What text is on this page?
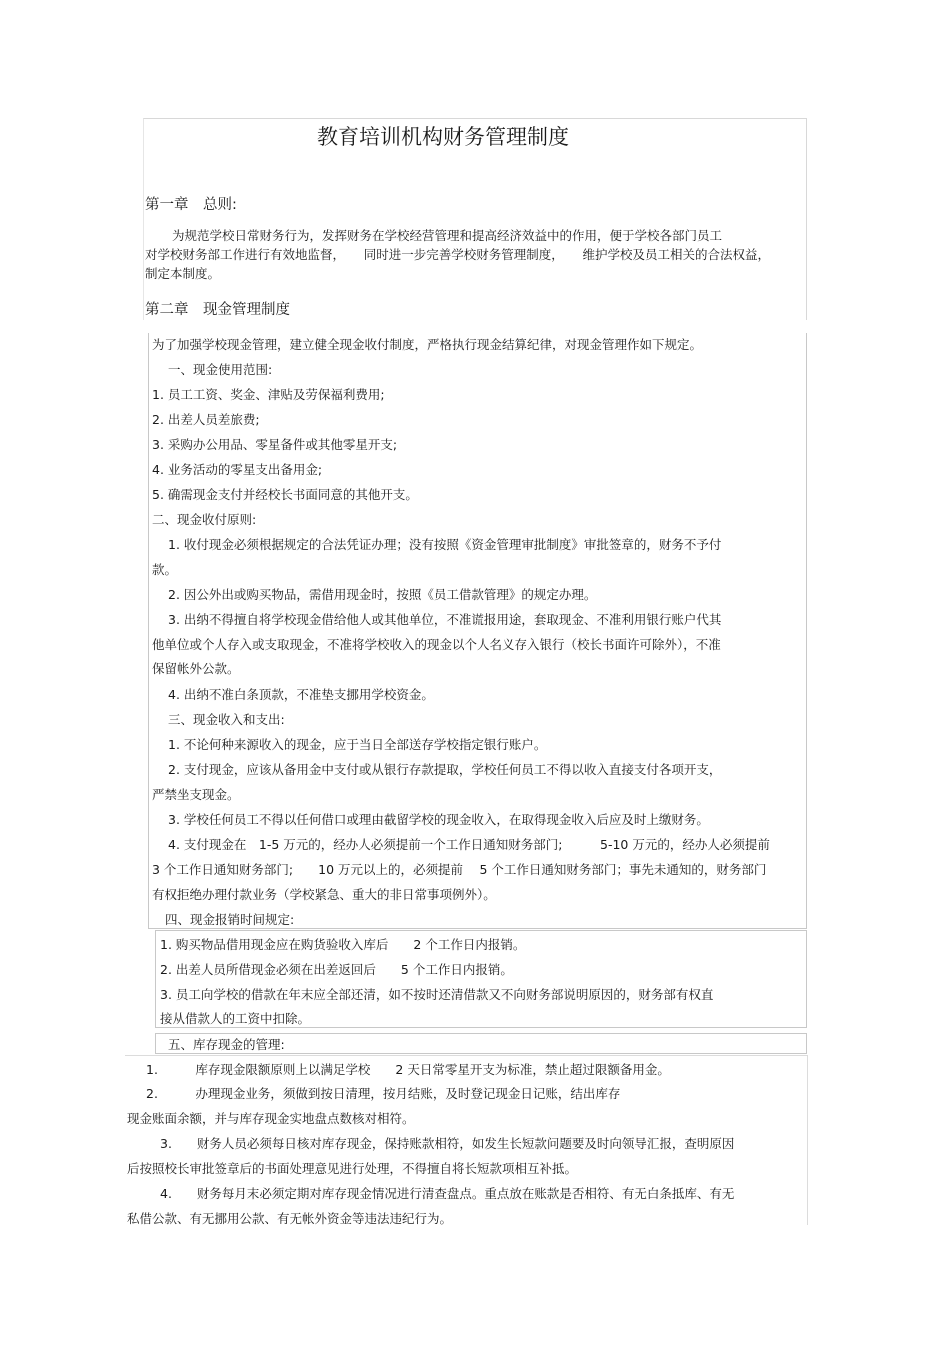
教育培训机构财务管理制度
第一章　总则:
为规范学校日常财务行为，发挥财务在学校经营管理和提高经济效益中的作用，便于学校各部门员工
对学校财务部工作进行有效地监督，　　同时进一步完善学校财务管理制度，　　维护学校及员工相关的合法权益，
制定本制度。
第二章　现金管理制度
为了加强学校现金管理，建立健全现金收付制度，严格执行现金结算纪律，对现金管理作如下规定。
一、现金使用范围:
1. 员工工资、奖金、津贴及劳保福利费用;
2. 出差人员差旅费;
3. 采购办公用品、零星备件或其他零星开支;
4. 业务活动的零星支出备用金;
5. 确需现金支付并经校长书面同意的其他开支。
二、现金收付原则:
1. 收付现金必须根据规定的合法凭证办理；没有按照《资金管理审批制度》审批签章的，财务不予付
款。
2. 因公外出或购买物品，需借用现金时，按照《员工借款管理》的规定办理。
3. 出纳不得擅自将学校现金借给他人或其他单位，不准谎报用途，套取现金、不准利用银行账户代其
他单位或个人存入或支取现金，不准将学校收入的现金以个人名义存入银行（校长书面许可除外），不准
保留帐外公款。
4. 出纳不准白条顶款，不准垫支挪用学校资金。
三、现金收入和支出:
1. 不论何种来源收入的现金，应于当日全部送存学校指定银行账户。
2. 支付现金，应该从备用金中支付或从银行存款提取，学校任何员工不得以收入直接支付各项开支，
严禁坐支现金。
3. 学校任何员工不得以任何借口或理由截留学校的现金收入，在取得现金收入后应及时上缴财务。
4. 支付现金在　1-5 万元的，经办人必须提前一个工作日通知财务部门;　　　5-10 万元的，经办人必须提前
3 个工作日通知财务部门;　　10 万元以上的，必须提前　 5 个工作日通知财务部门；事先未通知的，财务部门
有权拒绝办理付款业务（学校紧急、重大的非日常事项例外）。
四、现金报销时间规定:
1. 购买物品借用现金应在购货验收入库后　　2 个工作日内报销。
2. 出差人员所借现金必须在出差返回后　　5 个工作日内报销。
3. 员工向学校的借款在年末应全部还清，如不按时还清借款又不向财务部说明原因的，财务部有权直
接从借款人的工资中扣除。
五、库存现金的管理:
1.　　　库存现金限额原则上以满足学校　　2 天日常零星开支为标准，禁止超过限额备用金。
2.　　　办理现金业务，须做到按日清理，按月结账，及时登记现金日记账，结出库存
现金账面余额，并与库存现金实地盘点数核对相符。
3.　　财务人员必须每日核对库存现金，保持账款相符，如发生长短款问题要及时向领导汇报，查明原因
后按照校长审批签章后的书面处理意见进行处理，不得擅自将长短款项相互补抵。
4.　　财务每月末必须定期对库存现金情况进行清查盘点。重点放在账款是否相符、有无白条抵库、有无
私借公款、有无挪用公款、有无帐外资金等违法违纪行为。
